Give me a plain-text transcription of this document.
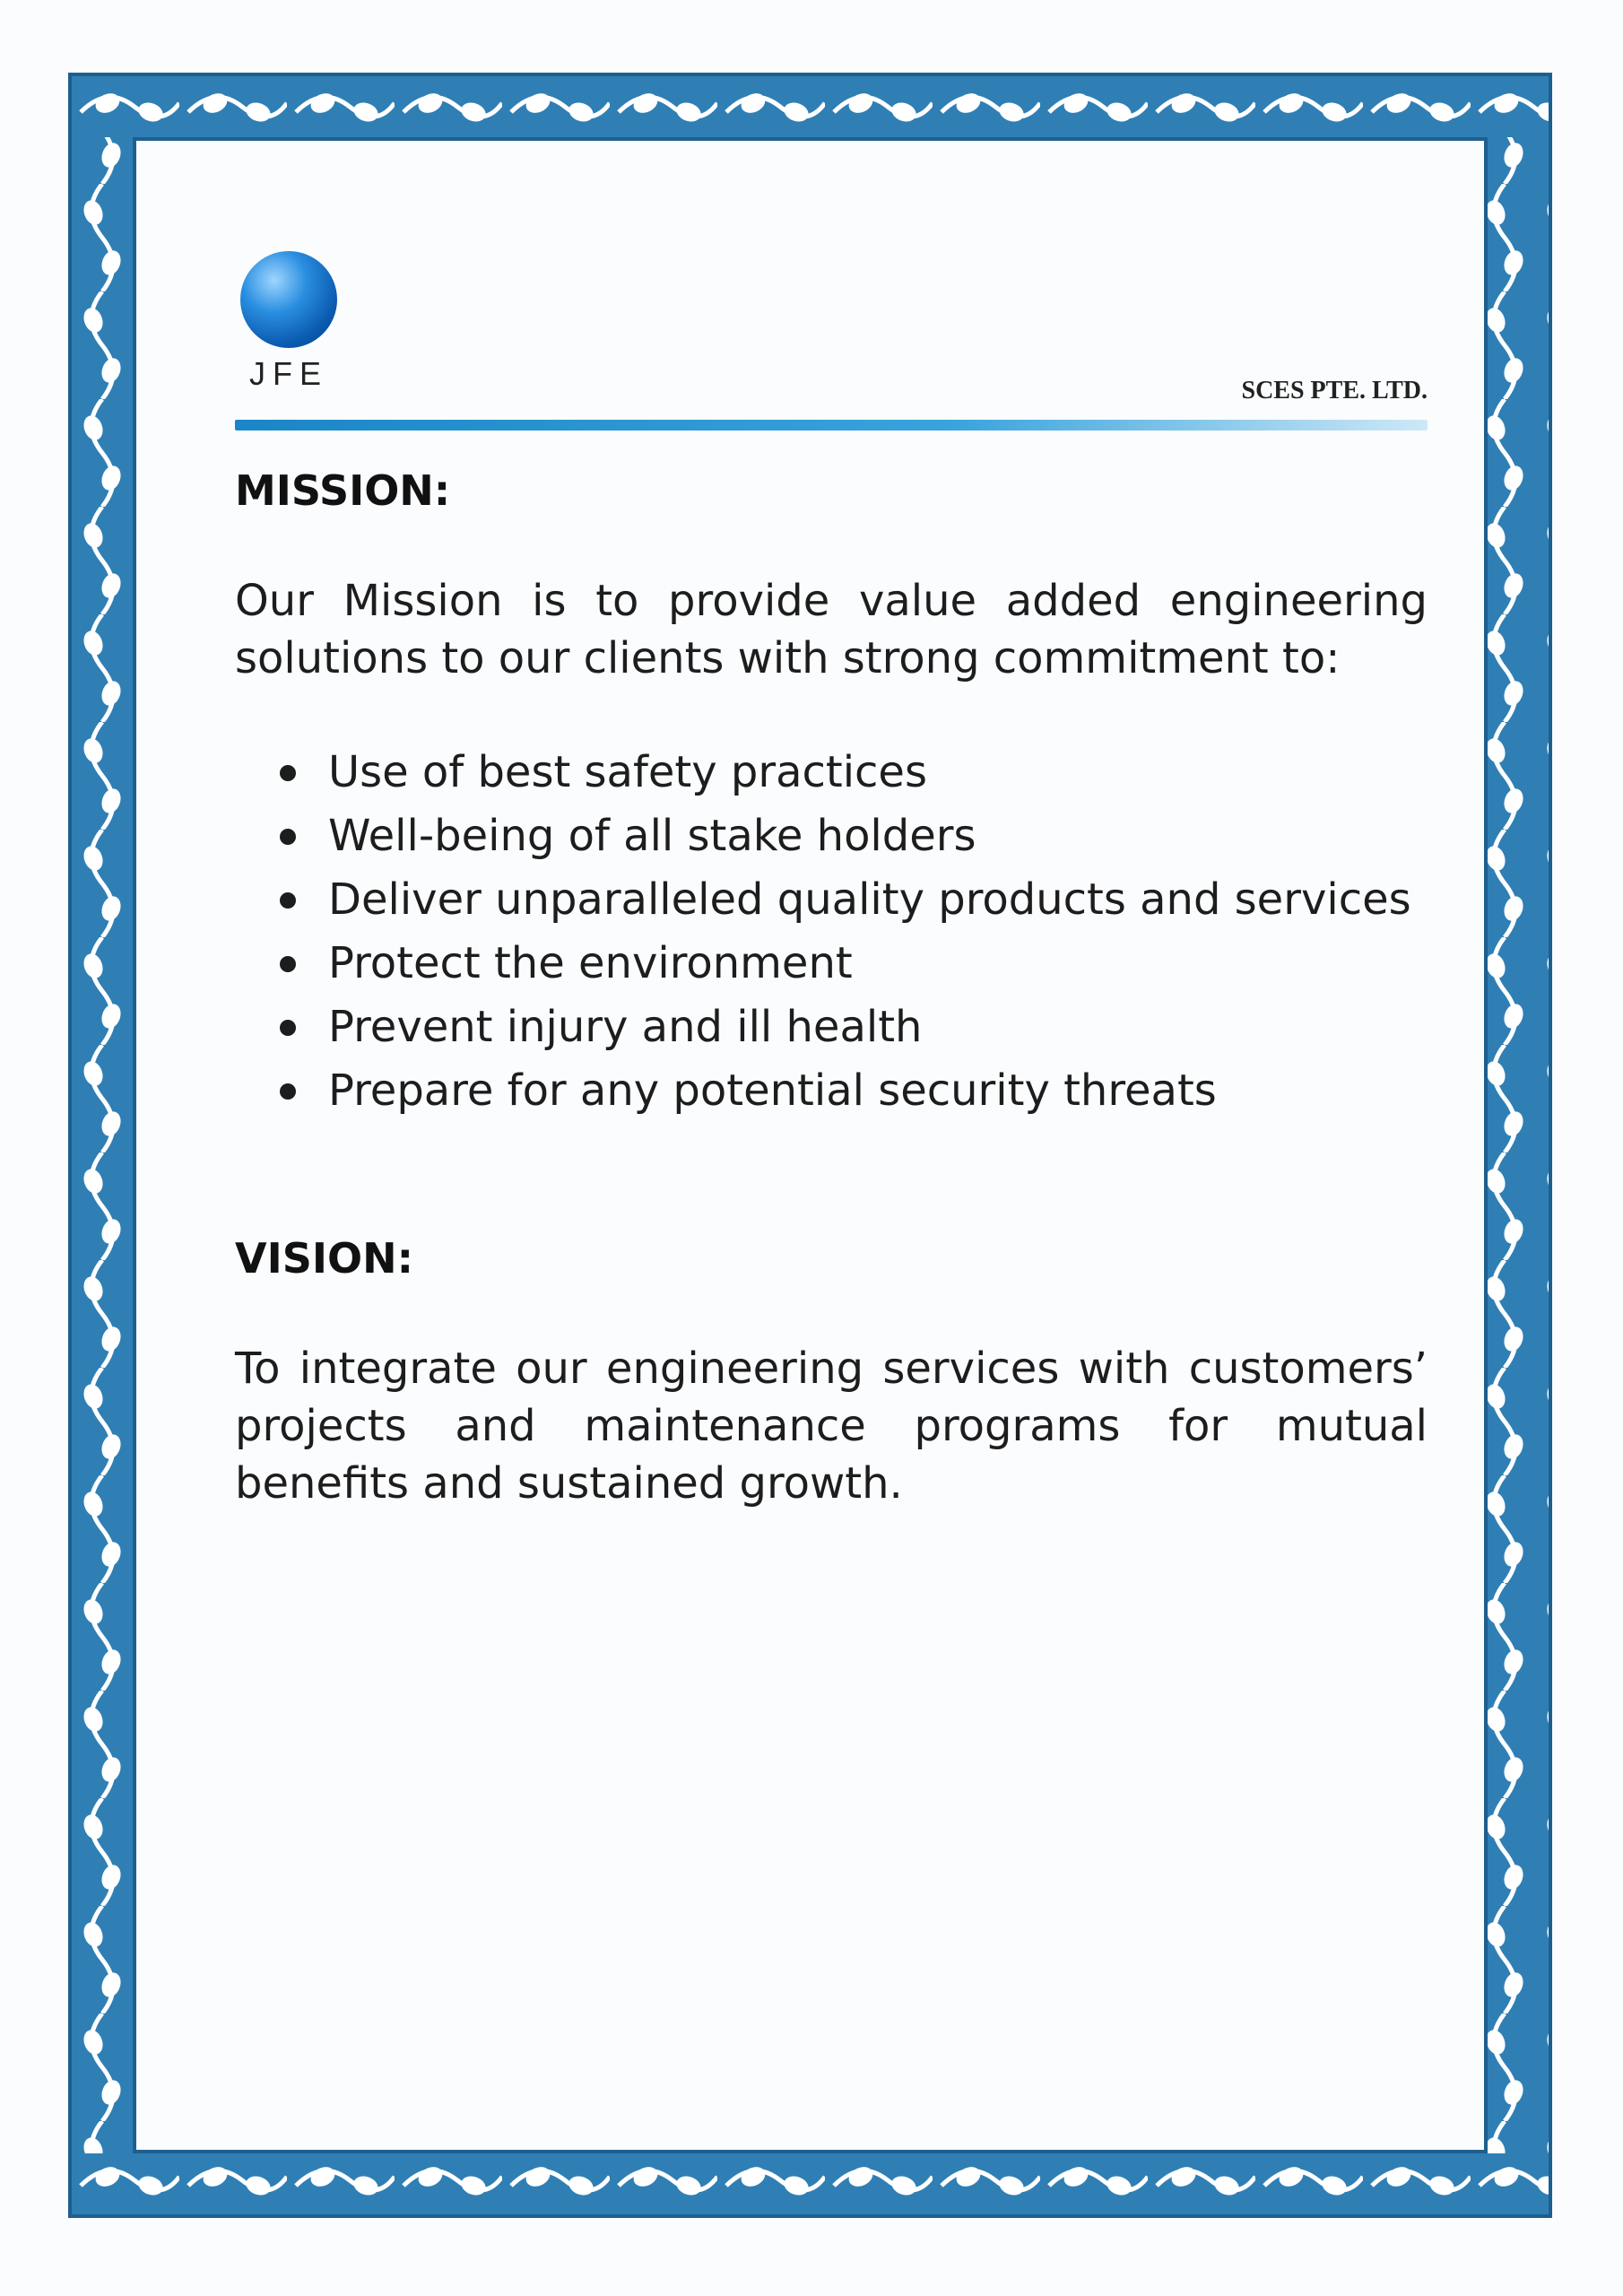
JFE	SCES PTE. LTD.
MISSION:

Our Mission is to provide value added engineering solutions to our clients with strong commitment to:

Use of best safety practices
Well-being of all stake holders
Deliver unparalleled quality products and services
Protect the environment
Prevent injury and ill health
Prepare for any potential security threats
VISION:

To integrate our engineering services with customers’ projects and maintenance programs for mutual benefits and sustained growth.
